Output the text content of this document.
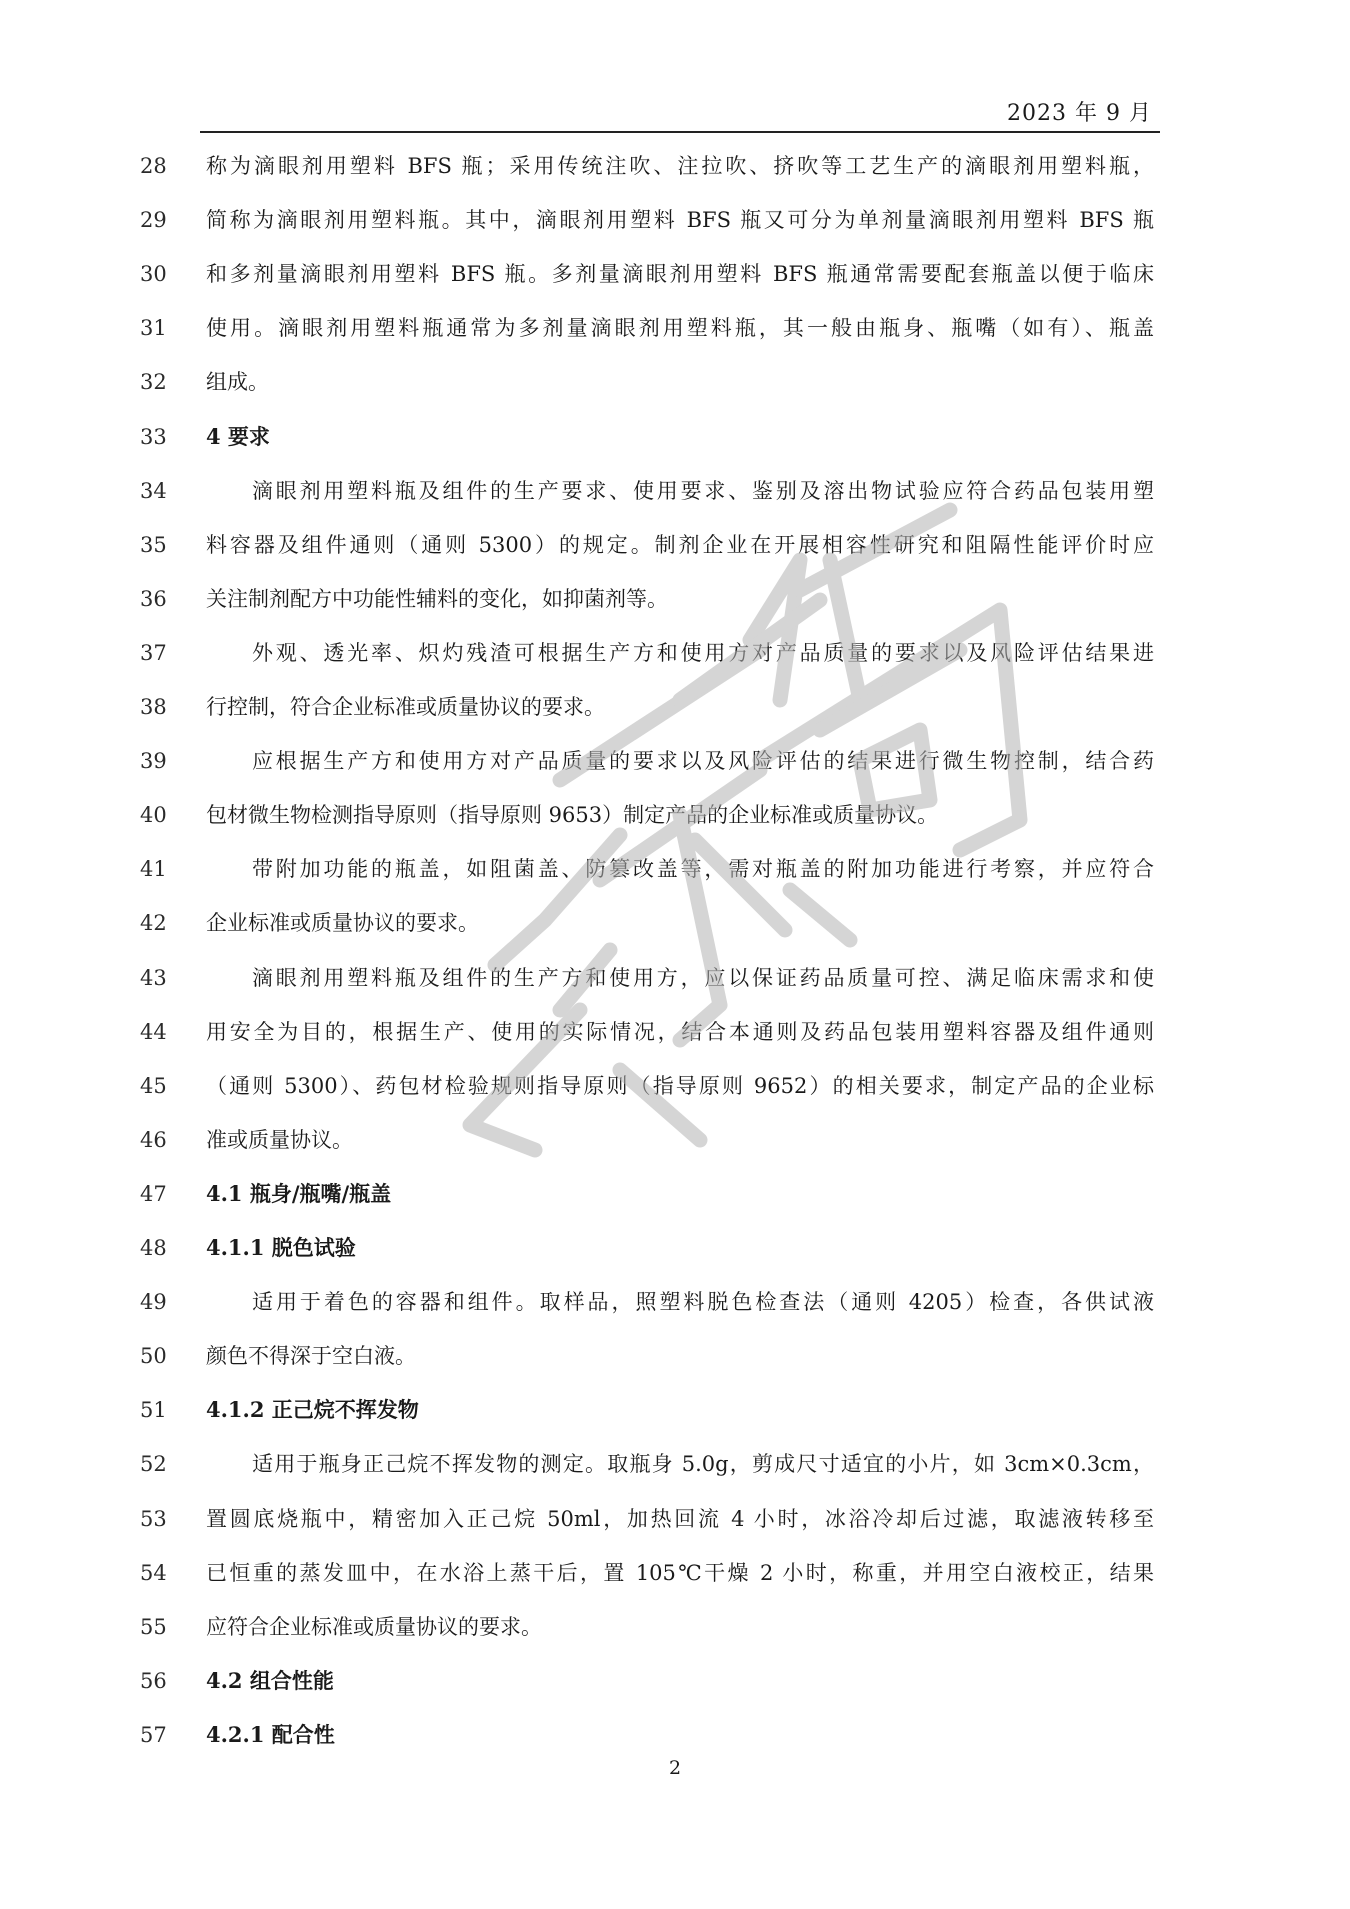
2023 年 9 月
28	称为滴眼剂用塑料 BFS 瓶；采用传统注吹、注拉吹、挤吹等工艺生产的滴眼剂用塑料瓶，
29	简称为滴眼剂用塑料瓶。其中，滴眼剂用塑料 BFS 瓶又可分为单剂量滴眼剂用塑料 BFS 瓶
30	和多剂量滴眼剂用塑料 BFS 瓶。多剂量滴眼剂用塑料 BFS 瓶通常需要配套瓶盖以便于临床
31	使用。滴眼剂用塑料瓶通常为多剂量滴眼剂用塑料瓶，其一般由瓶身、瓶嘴（如有）、瓶盖
32	组成。
33	4 要求
34	滴眼剂用塑料瓶及组件的生产要求、使用要求、鉴别及溶出物试验应符合药品包装用塑
35	料容器及组件通则（通则 5300）的规定。制剂企业在开展相容性研究和阻隔性能评价时应
36	关注制剂配方中功能性辅料的变化，如抑菌剂等。
37	外观、透光率、炽灼残渣可根据生产方和使用方对产品质量的要求以及风险评估结果进
38	行控制，符合企业标准或质量协议的要求。
39	应根据生产方和使用方对产品质量的要求以及风险评估的结果进行微生物控制，结合药
40	包材微生物检测指导原则（指导原则 9653）制定产品的企业标准或质量协议。
41	带附加功能的瓶盖，如阻菌盖、防篡改盖等，需对瓶盖的附加功能进行考察，并应符合
42	企业标准或质量协议的要求。
43	滴眼剂用塑料瓶及组件的生产方和使用方，应以保证药品质量可控、满足临床需求和使
44	用安全为目的，根据生产、使用的实际情况，结合本通则及药品包装用塑料容器及组件通则
45	（通则 5300）、药包材检验规则指导原则（指导原则 9652）的相关要求，制定产品的企业标
46	准或质量协议。
47	4.1 瓶身/瓶嘴/瓶盖
48	4.1.1 脱色试验
49	适用于着色的容器和组件。取样品，照塑料脱色检查法（通则 4205）检查，各供试液
50	颜色不得深于空白液。
51	4.1.2 正己烷不挥发物
52	适用于瓶身正己烷不挥发物的测定。取瓶身 5.0g，剪成尺寸适宜的小片，如 3cm×0.3cm，
53	置圆底烧瓶中，精密加入正己烷 50ml，加热回流 4 小时，冰浴冷却后过滤，取滤液转移至
54	已恒重的蒸发皿中，在水浴上蒸干后，置 105℃干燥 2 小时，称重，并用空白液校正，结果
55	应符合企业标准或质量协议的要求。
56	4.2 组合性能
57	4.2.1 配合性
2
